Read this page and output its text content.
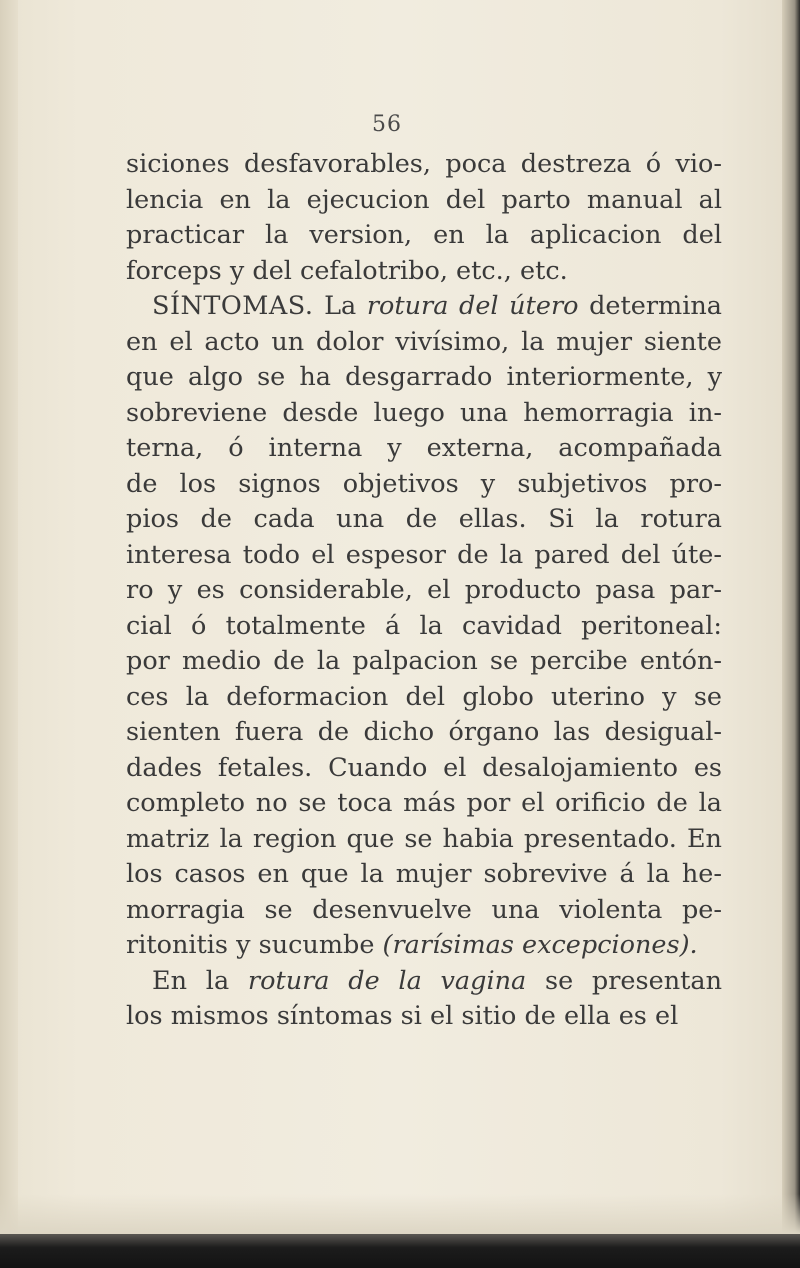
56
siciones desfavorables, poca destreza ó vio-
lencia en la ejecucion del parto manual al
practicar la version, en la aplicacion del
forceps y del cefalotribo, etc., etc.
SÍNTOMAS. La rotura del útero determina
en el acto un dolor vivísimo, la mujer siente
que algo se ha desgarrado interiormente, y
sobreviene desde luego una hemorragia in-
terna, ó interna y externa, acompañada
de los signos objetivos y subjetivos pro-
pios de cada una de ellas. Si la rotura
interesa todo el espesor de la pared del úte-
ro y es considerable, el producto pasa par-
cial ó totalmente á la cavidad peritoneal:
por medio de la palpacion se percibe entón-
ces la deformacion del globo uterino y se
sienten fuera de dicho órgano las desigual-
dades fetales. Cuando el desalojamiento es
completo no se toca más por el orificio de la
matriz la region que se habia presentado. En
los casos en que la mujer sobrevive á la he-
morragia se desenvuelve una violenta pe-
ritonitis y sucumbe (rarísimas excepciones).
En la rotura de la vagina se presentan
los mismos síntomas si el sitio de ella es el
